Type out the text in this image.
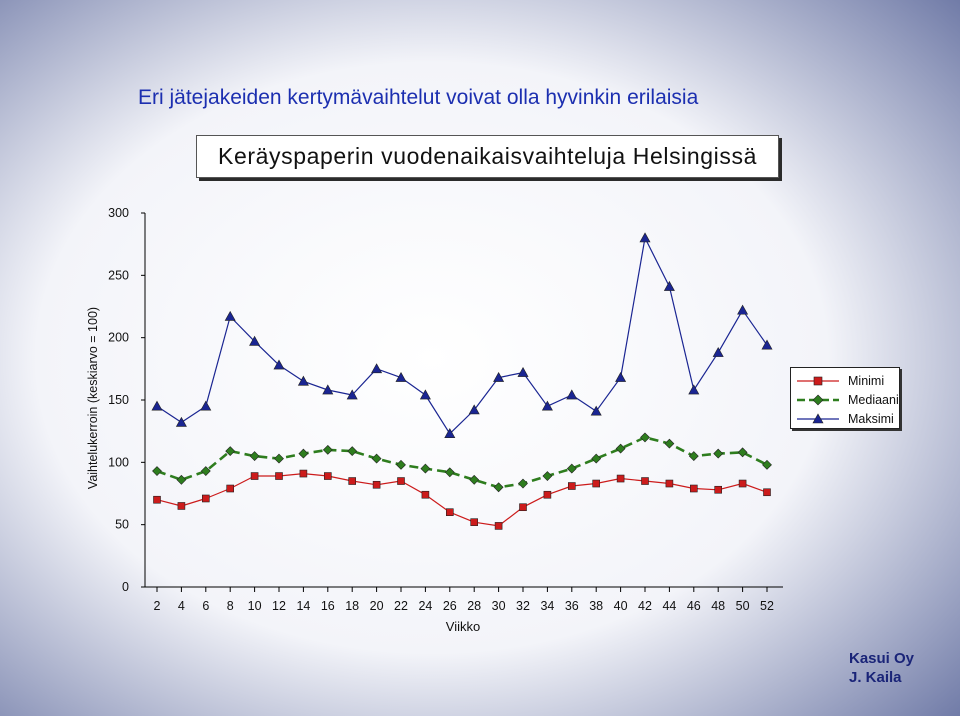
Eri jätejakeiden kertymävaihtelut voivat olla hyvinkin erilaisia
Keräyspaperin vuodenaikaisvaihteluja Helsingissä
0
50
100
150
200
250
300
2 4 6 8 10 12 14 16 18 20 22 24 26 28 30 32 34 36 38 40 42 44 46 48 50 52
Vaihtelukerroin (keskiarvo = 100)
Viikko
Minimi
Mediaani
Maksimi

Kasui Oy
J. Kaila
